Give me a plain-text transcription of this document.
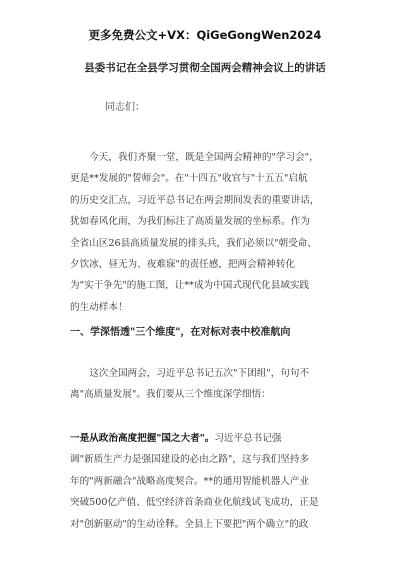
更多免费公文+VX：QiGeGongWen2024
县委书记在全县学习贯彻全国两会精神会议上的讲话
同志们：
今天，我们齐聚一堂，既是全国两会精神的"学习会"，
更是**发展的"誓师会"。在"十四五"收官与"十五五"启航
的历史交汇点，习近平总书记在两会期间发表的重要讲话，
犹如春风化雨，为我们标注了高质量发展的坐标系。作为
全省山区26县高质量发展的排头兵，我们必须以"朝受命、
夕饮冰，昼无为、夜难寐"的责任感，把两会精神转化
为"实干争先"的施工图，让**成为中国式现代化县域实践
的生动样本！
一、学深悟透"三个维度"，在对标对表中校准航向
这次全国两会，习近平总书记五次"下团组"，句句不
离"高质量发展"。我们要从三个维度深学细悟：
一是从政治高度把握"国之大者"。习近平总书记强
调"新质生产力是强国建设的必由之路"，这与我们坚持多
年的"两新融合"战略高度契合。**的通用智能机器人产业
突破500亿产值、低空经济首条商业化航线试飞成功，正是
对"创新驱动"的生动诠释。全县上下要把"两个确立"的政
